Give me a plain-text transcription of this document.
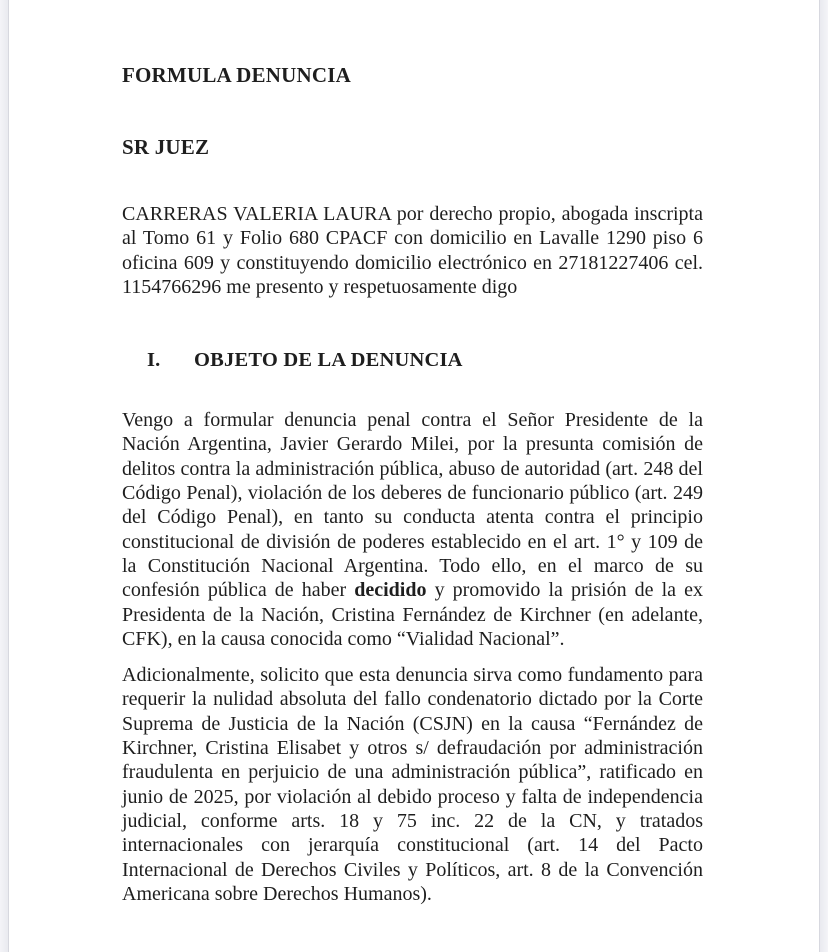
FORMULA DENUNCIA

SR JUEZ

CARRERAS VALERIA LAURA por derecho propio, abogada inscripta al Tomo 61 y Folio 680 CPACF con domicilio en Lavalle 1290 piso 6 oficina 609 y constituyendo domicilio electrónico en 27181227406 cel. 1154766296 me presento y respetuosamente digo

I. OBJETO DE LA DENUNCIA

Vengo a formular denuncia penal contra el Señor Presidente de la Nación Argentina, Javier Gerardo Milei, por la presunta comisión de delitos contra la administración pública, abuso de autoridad (art. 248 del Código Penal), violación de los deberes de funcionario público (art. 249 del Código Penal), en tanto su conducta atenta contra el principio constitucional de división de poderes establecido en el art. 1° y 109 de la Constitución Nacional Argentina. Todo ello, en el marco de su confesión pública de haber decidido y promovido la prisión de la ex Presidenta de la Nación, Cristina Fernández de Kirchner (en adelante, CFK), en la causa conocida como “Vialidad Nacional”.

Adicionalmente, solicito que esta denuncia sirva como fundamento para requerir la nulidad absoluta del fallo condenatorio dictado por la Corte Suprema de Justicia de la Nación (CSJN) en la causa “Fernández de Kirchner, Cristina Elisabet y otros s/ defraudación por administración fraudulenta en perjuicio de una administración pública”, ratificado en junio de 2025, por violación al debido proceso y falta de independencia judicial, conforme arts. 18 y 75 inc. 22 de la CN, y tratados internacionales con jerarquía constitucional (art. 14 del Pacto Internacional de Derechos Civiles y Políticos, art. 8 de la Convención Americana sobre Derechos Humanos).
